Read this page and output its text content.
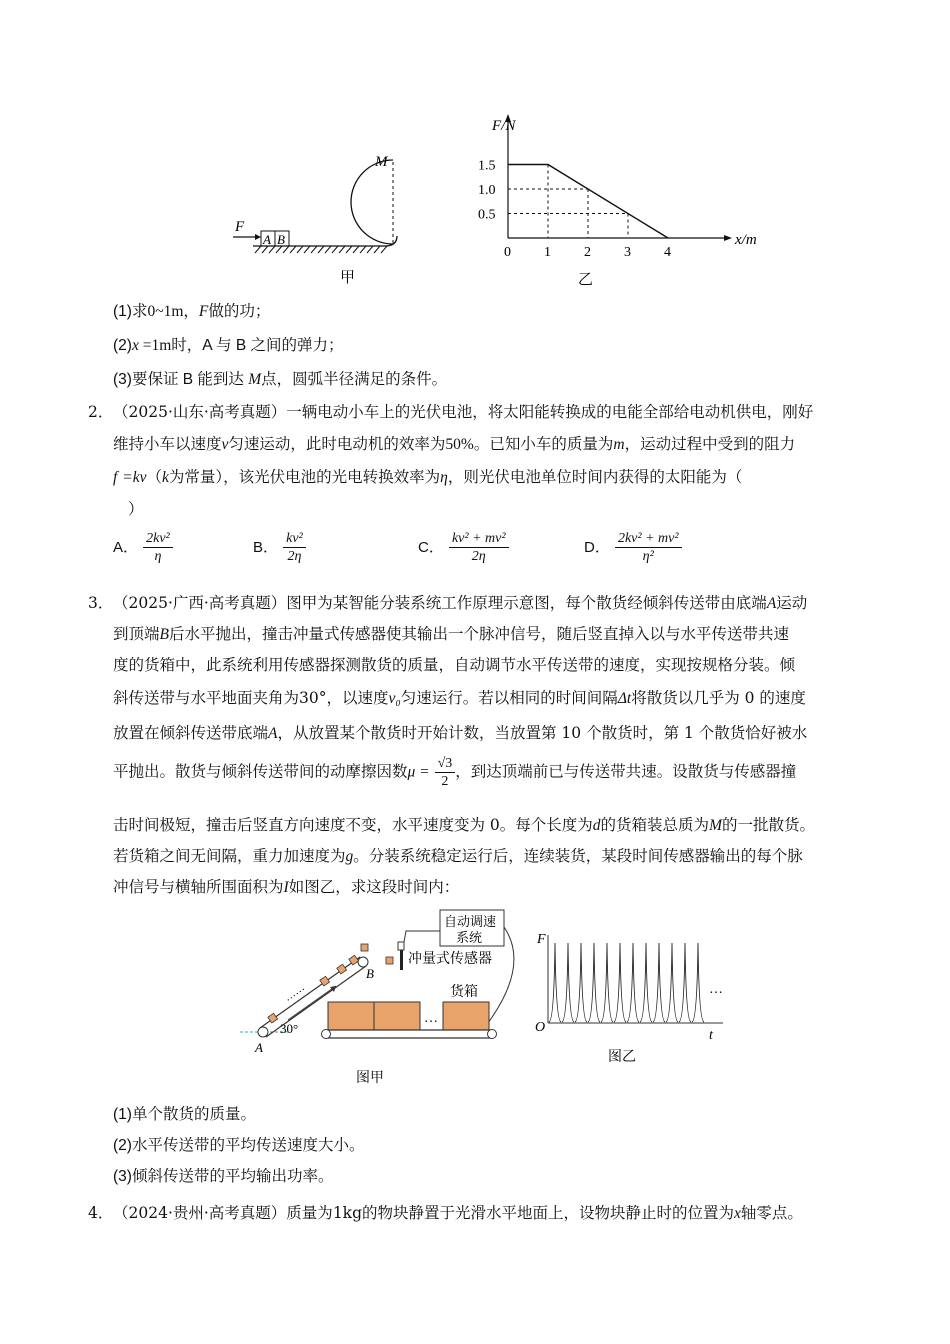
F
A B
M
甲
F/N
x/m
0 1 2 3 4
1.5
1.0
0.5
乙
(1)求0~1m，F做的功；
(2)x =1m时，A 与 B 之间的弹力；
(3)要保证 B 能到达 M点，圆弧半径满足的条件。
2． （2025·山东·高考真题）一辆电动小车上的光伏电池，将太阳能转换成的电能全部给电动机供电，刚好
维持小车以速度v匀速运动，此时电动机的效率为50%。已知小车的质量为m，运动过程中受到的阻力
f =kv（k为常量），该光伏电池的光电转换效率为η，则光伏电池单位时间内获得的太阳能为（
）
A． $\frac{\text{2kv²}}{\eta}$	B． $\frac{\text{kv²}}{2\eta}$	C． $\frac{\text{kv² + mv²}}{2\eta}$	D． $\frac{\text{2kv² + mv²}}{\text{η²}}$
3． （2025·广西·高考真题）图甲为某智能分装系统工作原理示意图，每个散货经倾斜传送带由底端A运动
到顶端B后水平抛出，撞击冲量式传感器使其输出一个脉冲信号，随后竖直掉入以与水平传送带共速
度的货箱中，此系统利用传感器探测散货的质量，自动调节水平传送带的速度，实现按规格分装。倾
斜传送带与水平地面夹角为30°，以速度v₀匀速运行。若以相同的时间间隔Δt将散货以几乎为 0 的速度
放置在倾斜传送带底端A，从放置某个散货时开始计数，当放置第 10 个散货时，第 1 个散货恰好被水
平抛出。散货与倾斜传送带间的动摩擦因数$\mu = \frac{√3}{2}$ ，到达顶端前已与传送带共速。设散货与传感器撞
击时间极短，撞击后竖直方向速度不变，水平速度变为 0。每个长度为d的货箱装总质为M的一批散货。
若货箱之间无间隔，重力加速度为g。分装系统稳定运行后，连续装货，某段时间传感器输出的每个脉
冲信号与横轴所围面积为I如图乙，求这段时间内：
······
B
A
30°
自动调速
系统
冲量式传感器
货箱
…
图甲
F
O
t
…
图乙
(1)单个散货的质量。
(2)水平传送带的平均传送速度大小。
(3)倾斜传送带的平均输出功率。
4． （2024·贵州·高考真题）质量为1kg的物块静置于光滑水平地面上，设物块静止时的位置为x轴零点。
